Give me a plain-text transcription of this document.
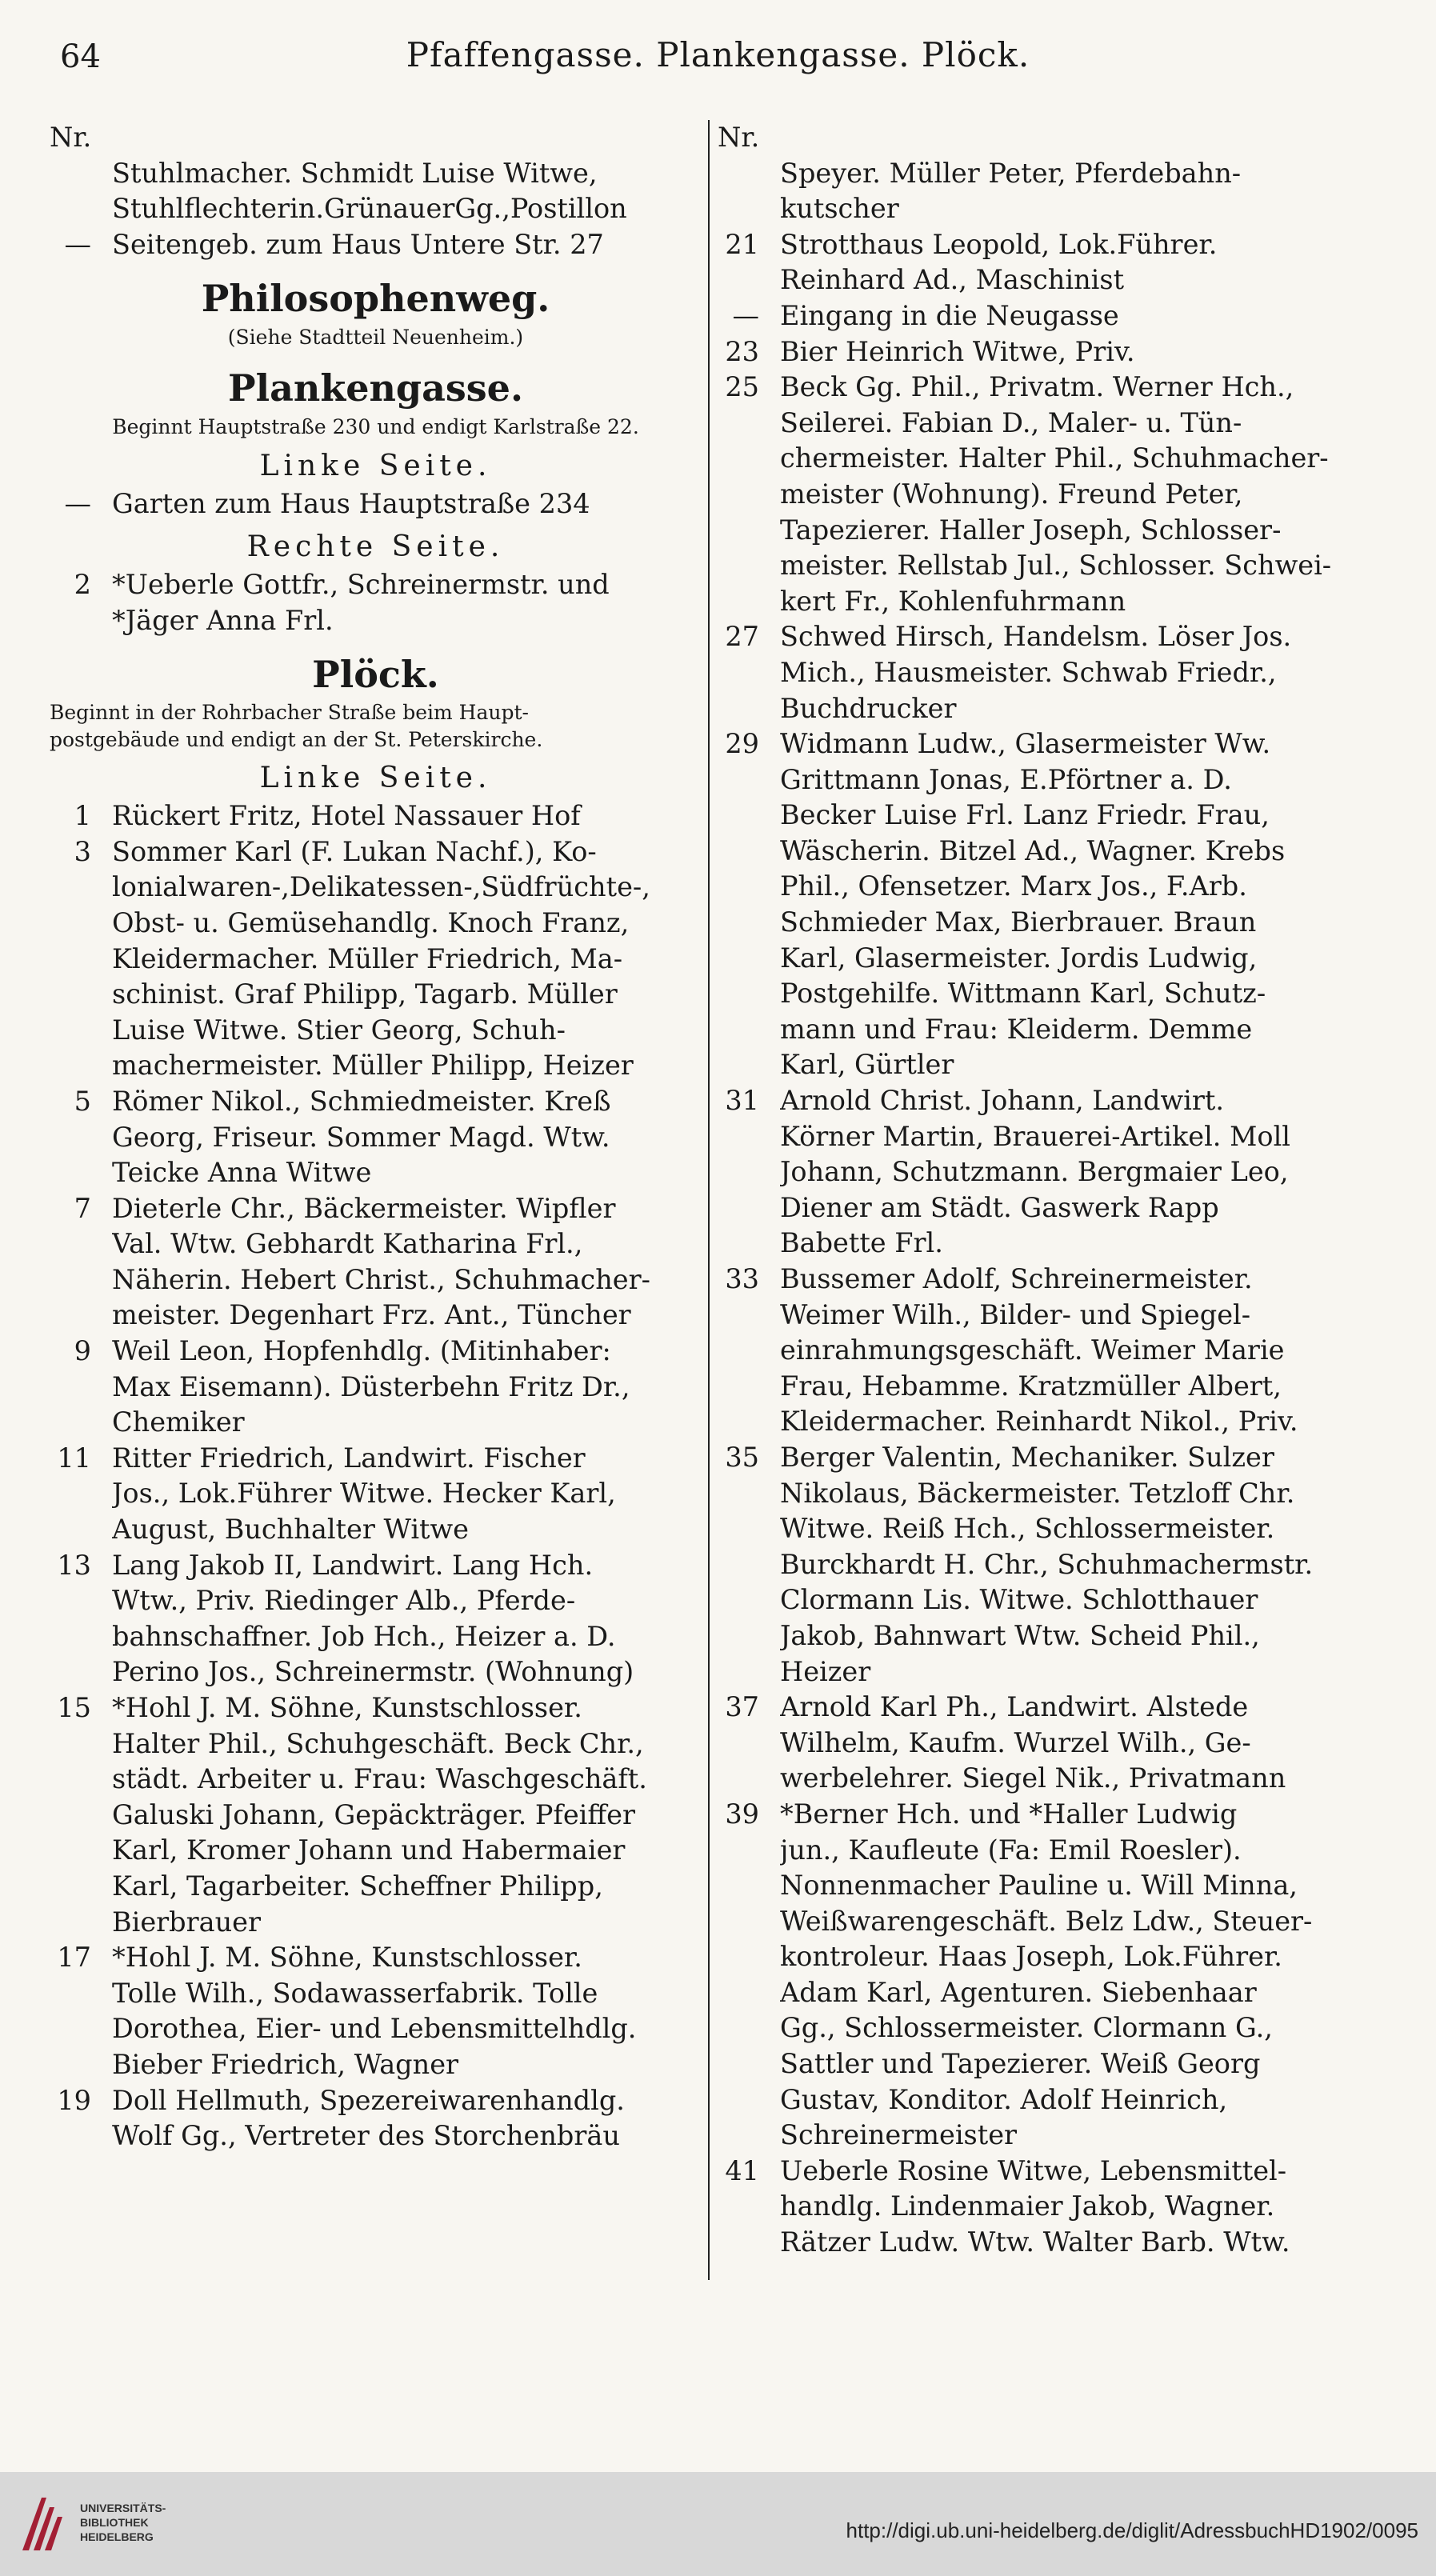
64	Pfaffengasse. Plankengasse. Plöck.
Nr.
Stuhlmacher. Schmidt Luise Witwe,
Stuhlflechterin.GrünauerGg.,Postillon
— Seitengeb. zum Haus Untere Str. 27
Philosophenweg.
(Siehe Stadtteil Neuenheim.)
Plankengasse.
Beginnt Hauptstraße 230 und endigt Karlstraße 22.
Linke Seite.
— Garten zum Haus Hauptstraße 234
Rechte Seite.
2 *Ueberle Gottfr., Schreinermstr. und
*Jäger Anna Frl.
Plöck.
Beginnt in der Rohrbacher Straße beim Haupt-
postgebäude und endigt an der St. Peterskirche.
Linke Seite.
1 Rückert Fritz, Hotel Nassauer Hof
3 Sommer Karl (F. Lukan Nachf.), Ko-
lonialwaren-,Delikatessen-,Südfrüchte-,
Obst- u. Gemüsehandlg. Knoch Franz,
Kleidermacher. Müller Friedrich, Ma-
schinist. Graf Philipp, Tagarb. Müller
Luise Witwe. Stier Georg, Schuh-
machermeister. Müller Philipp, Heizer
5 Römer Nikol., Schmiedmeister. Kreß
Georg, Friseur. Sommer Magd. Wtw.
Teicke Anna Witwe
7 Dieterle Chr., Bäckermeister. Wipfler
Val. Wtw. Gebhardt Katharina Frl.,
Näherin. Hebert Christ., Schuhmacher-
meister. Degenhart Frz. Ant., Tüncher
9 Weil Leon, Hopfenhdlg. (Mitinhaber:
Max Eisemann). Düsterbehn Fritz Dr.,
Chemiker
11 Ritter Friedrich, Landwirt. Fischer
Jos., Lok.Führer Witwe. Hecker Karl,
August, Buchhalter Witwe
13 Lang Jakob II, Landwirt. Lang Hch.
Wtw., Priv. Riedinger Alb., Pferde-
bahnschaffner. Job Hch., Heizer a. D.
Perino Jos., Schreinermstr. (Wohnung)
15 *Hohl J. M. Söhne, Kunstschlosser.
Halter Phil., Schuhgeschäft. Beck Chr.,
städt. Arbeiter u. Frau: Waschgeschäft.
Galuski Johann, Gepäckträger. Pfeiffer
Karl, Kromer Johann und Habermaier
Karl, Tagarbeiter. Scheffner Philipp,
Bierbrauer
17 *Hohl J. M. Söhne, Kunstschlosser.
Tolle Wilh., Sodawasserfabrik. Tolle
Dorothea, Eier- und Lebensmittelhdlg.
Bieber Friedrich, Wagner
19 Doll Hellmuth, Spezereiwarenhandlg.
Wolf Gg., Vertreter des Storchenbräu
Nr.
Speyer. Müller Peter, Pferdebahn-
kutscher
21 Strotthaus Leopold, Lok.Führer.
Reinhard Ad., Maschinist
— Eingang in die Neugasse
23 Bier Heinrich Witwe, Priv.
25 Beck Gg. Phil., Privatm. Werner Hch.,
Seilerei. Fabian D., Maler- u. Tün-
chermeister. Halter Phil., Schuhmacher-
meister (Wohnung). Freund Peter,
Tapezierer. Haller Joseph, Schlosser-
meister. Rellstab Jul., Schlosser. Schwei-
kert Fr., Kohlenfuhrmann
27 Schwed Hirsch, Handelsm. Löser Jos.
Mich., Hausmeister. Schwab Friedr.,
Buchdrucker
29 Widmann Ludw., Glasermeister Ww.
Grittmann Jonas, E.Pförtner a. D.
Becker Luise Frl. Lanz Friedr. Frau,
Wäscherin. Bitzel Ad., Wagner. Krebs
Phil., Ofensetzer. Marx Jos., F.Arb.
Schmieder Max, Bierbrauer. Braun
Karl, Glasermeister. Jordis Ludwig,
Postgehilfe. Wittmann Karl, Schutz-
mann und Frau: Kleiderm. Demme
Karl, Gürtler
31 Arnold Christ. Johann, Landwirt.
Körner Martin, Brauerei-Artikel. Moll
Johann, Schutzmann. Bergmaier Leo,
Diener am Städt. Gaswerk Rapp
Babette Frl.
33 Bussemer Adolf, Schreinermeister.
Weimer Wilh., Bilder- und Spiegel-
einrahmungsgeschäft. Weimer Marie
Frau, Hebamme. Kratzmüller Albert,
Kleidermacher. Reinhardt Nikol., Priv.
35 Berger Valentin, Mechaniker. Sulzer
Nikolaus, Bäckermeister. Tetzloff Chr.
Witwe. Reiß Hch., Schlossermeister.
Burckhardt H. Chr., Schuhmachermstr.
Clormann Lis. Witwe. Schlotthauer
Jakob, Bahnwart Wtw. Scheid Phil.,
Heizer
37 Arnold Karl Ph., Landwirt. Alstede
Wilhelm, Kaufm. Wurzel Wilh., Ge-
werbelehrer. Siegel Nik., Privatmann
39 *Berner Hch. und *Haller Ludwig
jun., Kaufleute (Fa: Emil Roesler).
Nonnenmacher Pauline u. Will Minna,
Weißwarengeschäft. Belz Ldw., Steuer-
kontroleur. Haas Joseph, Lok.Führer.
Adam Karl, Agenturen. Siebenhaar
Gg., Schlossermeister. Clormann G.,
Sattler und Tapezierer. Weiß Georg
Gustav, Konditor. Adolf Heinrich,
Schreinermeister
41 Ueberle Rosine Witwe, Lebensmittel-
handlg. Lindenmaier Jakob, Wagner.
Rätzer Ludw. Wtw. Walter Barb. Wtw.
UNIVERSITÄTS-
BIBLIOTHEK
HEIDELBERG	http://digi.ub.uni-heidelberg.de/diglit/AdressbuchHD1902/0095
